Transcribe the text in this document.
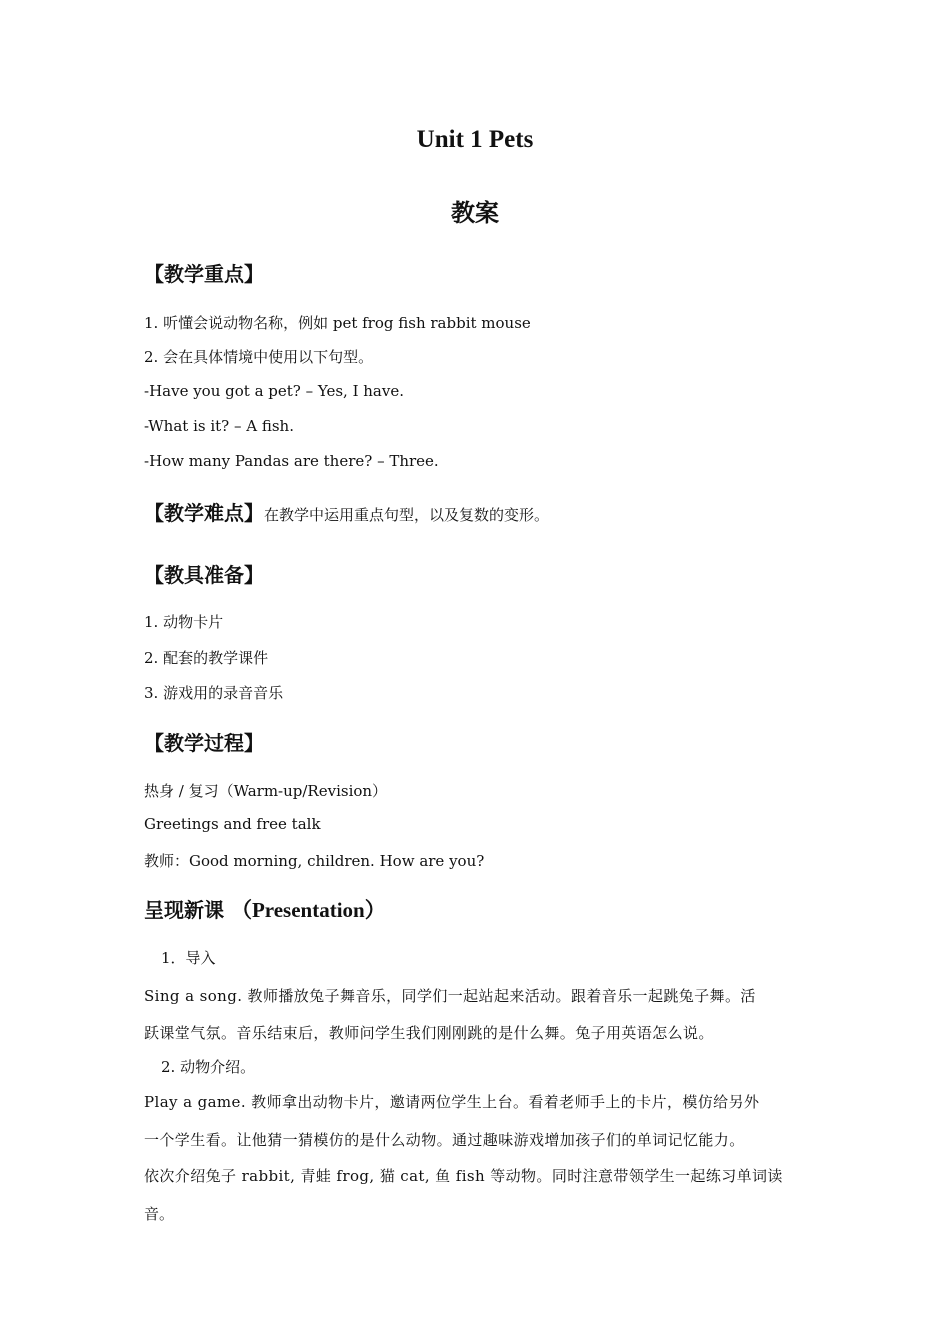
Unit 1 Pets
教案
【教学重点】
1. 听懂会说动物名称，例如 pet frog fish rabbit mouse
2. 会在具体情境中使用以下句型。
-Have you got a pet? – Yes, I have.
-What is it? – A fish.
-How many Pandas are there? – Three.
【教学难点】在教学中运用重点句型，以及复数的变形。
【教具准备】
1. 动物卡片
2. 配套的教学课件
3. 游戏用的录音音乐
【教学过程】
热身 / 复习（Warm-up/Revision）
Greetings and free talk
教师：Good morning, children. How are you?
呈现新课 （Presentation）
1．导入
Sing a song. 教师播放兔子舞音乐，同学们一起站起来活动。跟着音乐一起跳兔子舞。活
跃课堂气氛。音乐结束后，教师问学生我们刚刚跳的是什么舞。兔子用英语怎么说。
2. 动物介绍。
Play a game. 教师拿出动物卡片，邀请两位学生上台。看着老师手上的卡片，模仿给另外
一个学生看。让他猜一猜模仿的是什么动物。通过趣味游戏增加孩子们的单词记忆能力。
依次介绍兔子 rabbit, 青蛙 frog, 猫 cat, 鱼 fish 等动物。同时注意带领学生一起练习单词读
音。
